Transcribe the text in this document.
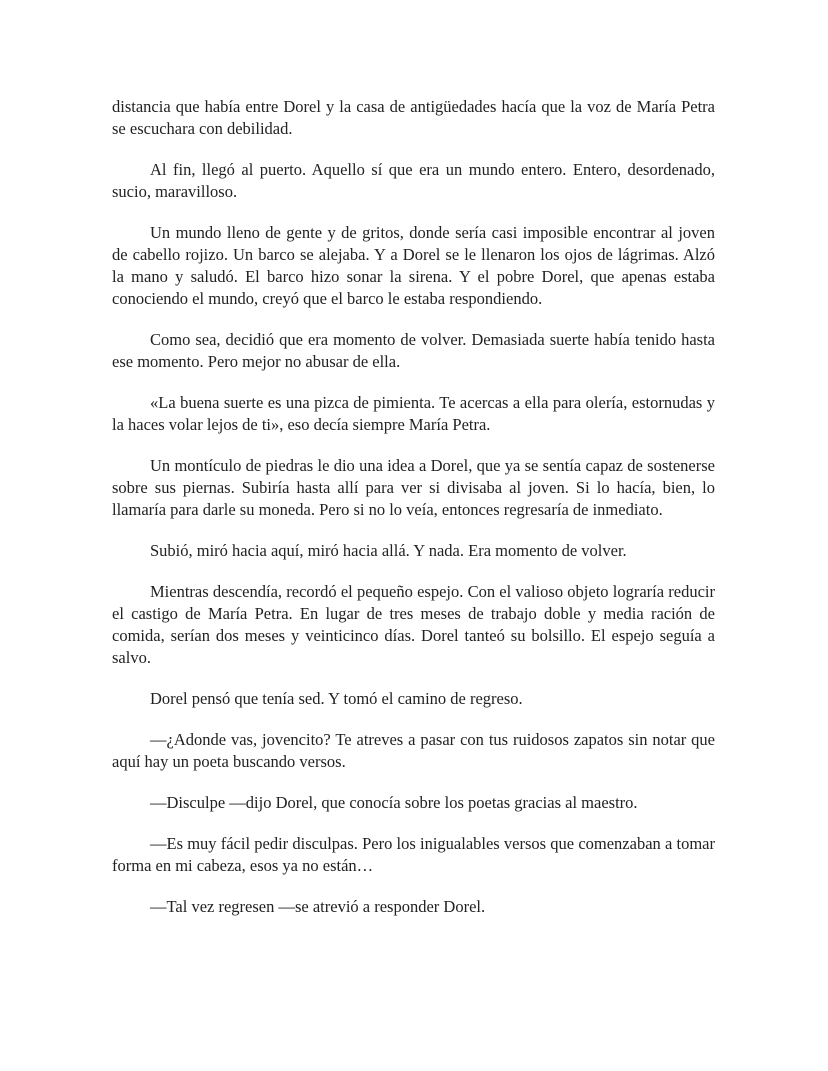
distancia que había entre Dorel y la casa de antigüedades hacía que la voz de María Petra se escuchara con debilidad.

Al fin, llegó al puerto. Aquello sí que era un mundo entero. Entero, desordenado, sucio, maravilloso.

Un mundo lleno de gente y de gritos, donde sería casi imposible encontrar al joven de cabello rojizo. Un barco se alejaba. Y a Dorel se le llenaron los ojos de lágrimas. Alzó la mano y saludó. El barco hizo sonar la sirena. Y el pobre Dorel, que apenas estaba conociendo el mundo, creyó que el barco le estaba respondiendo.

Como sea, decidió que era momento de volver. Demasiada suerte había tenido hasta ese momento. Pero mejor no abusar de ella.

«La buena suerte es una pizca de pimienta. Te acercas a ella para olería, estornudas y la haces volar lejos de ti», eso decía siempre María Petra.

Un montículo de piedras le dio una idea a Dorel, que ya se sentía capaz de sostenerse sobre sus piernas. Subiría hasta allí para ver si divisaba al joven. Si lo hacía, bien, lo llamaría para darle su moneda. Pero si no lo veía, entonces regresaría de inmediato.

Subió, miró hacia aquí, miró hacia allá. Y nada. Era momento de volver.

Mientras descendía, recordó el pequeño espejo. Con el valioso objeto lograría reducir el castigo de María Petra. En lugar de tres meses de trabajo doble y media ración de comida, serían dos meses y veinticinco días. Dorel tanteó su bolsillo. El espejo seguía a salvo.

Dorel pensó que tenía sed. Y tomó el camino de regreso.

—¿Adonde vas, jovencito? Te atreves a pasar con tus ruidosos zapatos sin notar que aquí hay un poeta buscando versos.

—Disculpe —dijo Dorel, que conocía sobre los poetas gracias al maestro.

—Es muy fácil pedir disculpas. Pero los inigualables versos que comenzaban a tomar forma en mi cabeza, esos ya no están…

—Tal vez regresen —se atrevió a responder Dorel.
